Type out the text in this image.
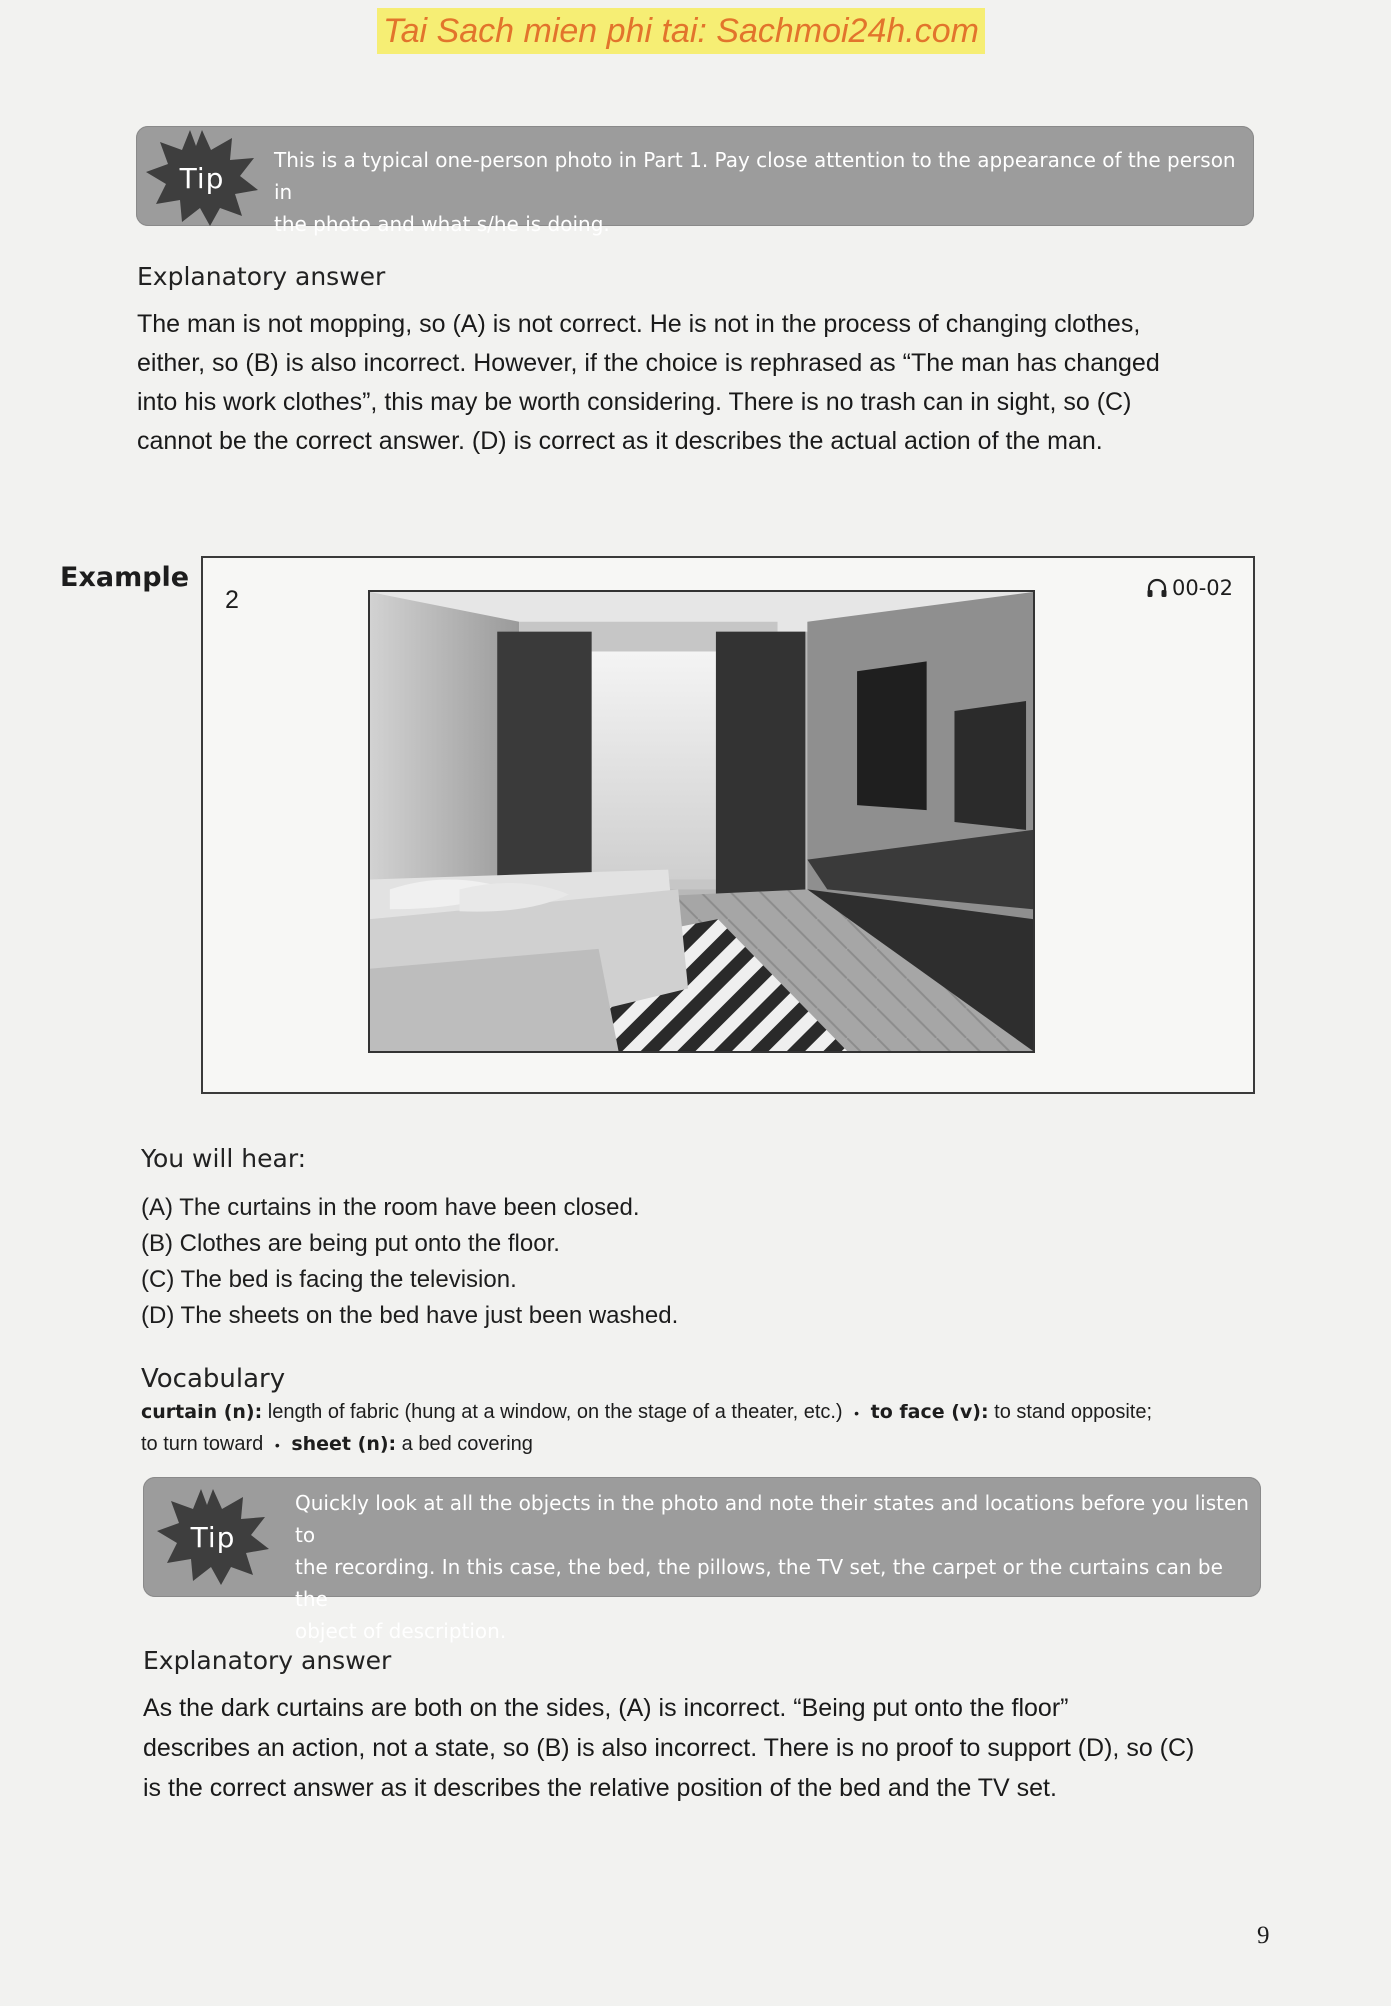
Tai Sach mien phi tai: Sachmoi24h.com
Tip
This is a typical one-person photo in Part 1. Pay close attention to the appearance of the person in
the photo and what s/he is doing.
Explanatory answer
The man is not mopping, so (A) is not correct. He is not in the process of changing clothes,
either, so (B) is also incorrect. However, if the choice is rephrased as “The man has changed
into his work clothes”, this may be worth considering. There is no trash can in sight, so (C)
cannot be the correct answer. (D) is correct as it describes the actual action of the man.
Example
2	00-02
You will hear:
(A) The curtains in the room have been closed.
(B) Clothes are being put onto the floor.
(C) The bed is facing the television.
(D) The sheets on the bed have just been washed.
Vocabulary
curtain (n): length of fabric (hung at a window, on the stage of a theater, etc.) • to face (v): to stand opposite;
to turn toward • sheet (n): a bed covering
Tip
Quickly look at all the objects in the photo and note their states and locations before you listen to
the recording. In this case, the bed, the pillows, the TV set, the carpet or the curtains can be the
object of description.
Explanatory answer
As the dark curtains are both on the sides, (A) is incorrect. “Being put onto the floor”
describes an action, not a state, so (B) is also incorrect. There is no proof to support (D), so (C)
is the correct answer as it describes the relative position of the bed and the TV set.
9
